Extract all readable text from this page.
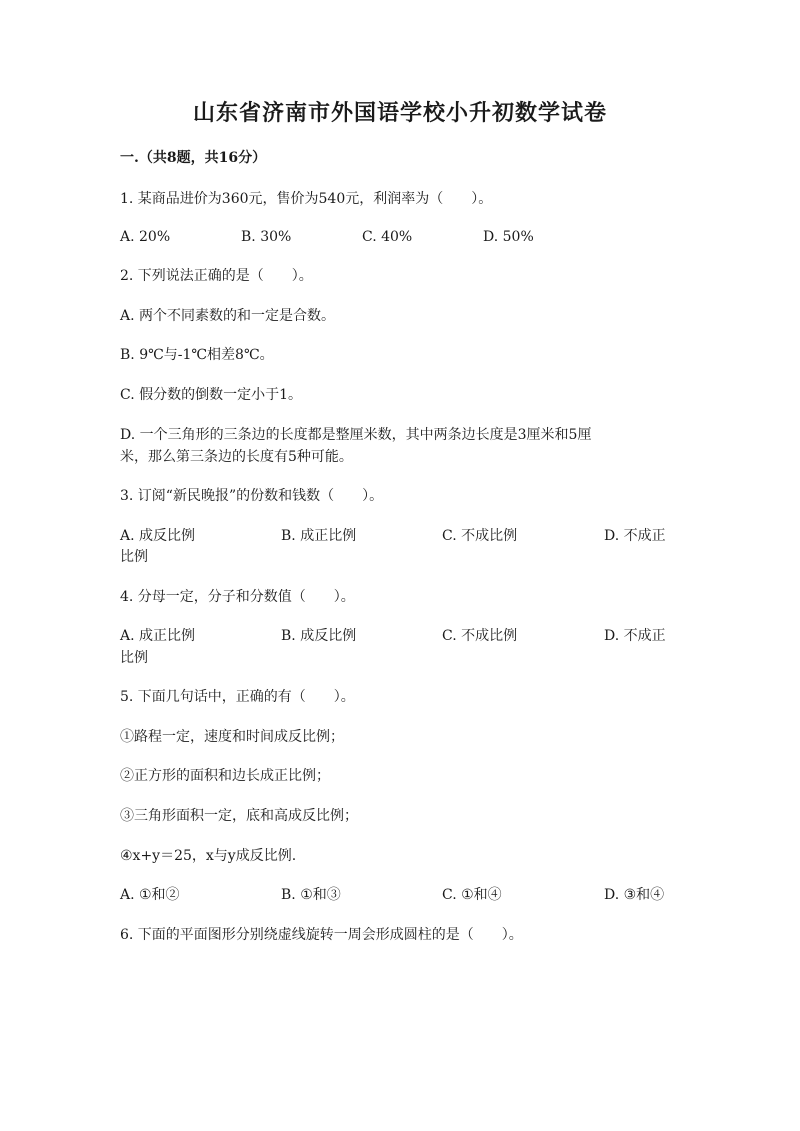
山东省济南市外国语学校小升初数学试卷
一.（共8题，共16分）
1. 某商品进价为360元，售价为540元，利润率为（　　）。
A. 20%	B. 30%	C. 40%	D. 50%
2. 下列说法正确的是（　　）。
A. 两个不同素数的和一定是合数。
B. 9℃与-1℃相差8℃。
C. 假分数的倒数一定小于1。
D. 一个三角形的三条边的长度都是整厘米数，其中两条边长度是3厘米和5厘
米，那么第三条边的长度有5种可能。
3. 订阅“新民晚报”的份数和钱数（　　）。
A. 成反比例	B. 成正比例	C. 不成比例	D. 不成正
比例
4. 分母一定，分子和分数值（　　）。
A. 成正比例	B. 成反比例	C. 不成比例	D. 不成正
比例
5. 下面几句话中，正确的有（　　）。
①路程一定，速度和时间成反比例；
②正方形的面积和边长成正比例；
③三角形面积一定，底和高成反比例；
④x+y＝25，x与y成反比例.
A. ①和②	B. ①和③	C. ①和④	D. ③和④
6. 下面的平面图形分别绕虚线旋转一周会形成圆柱的是（　　）。
